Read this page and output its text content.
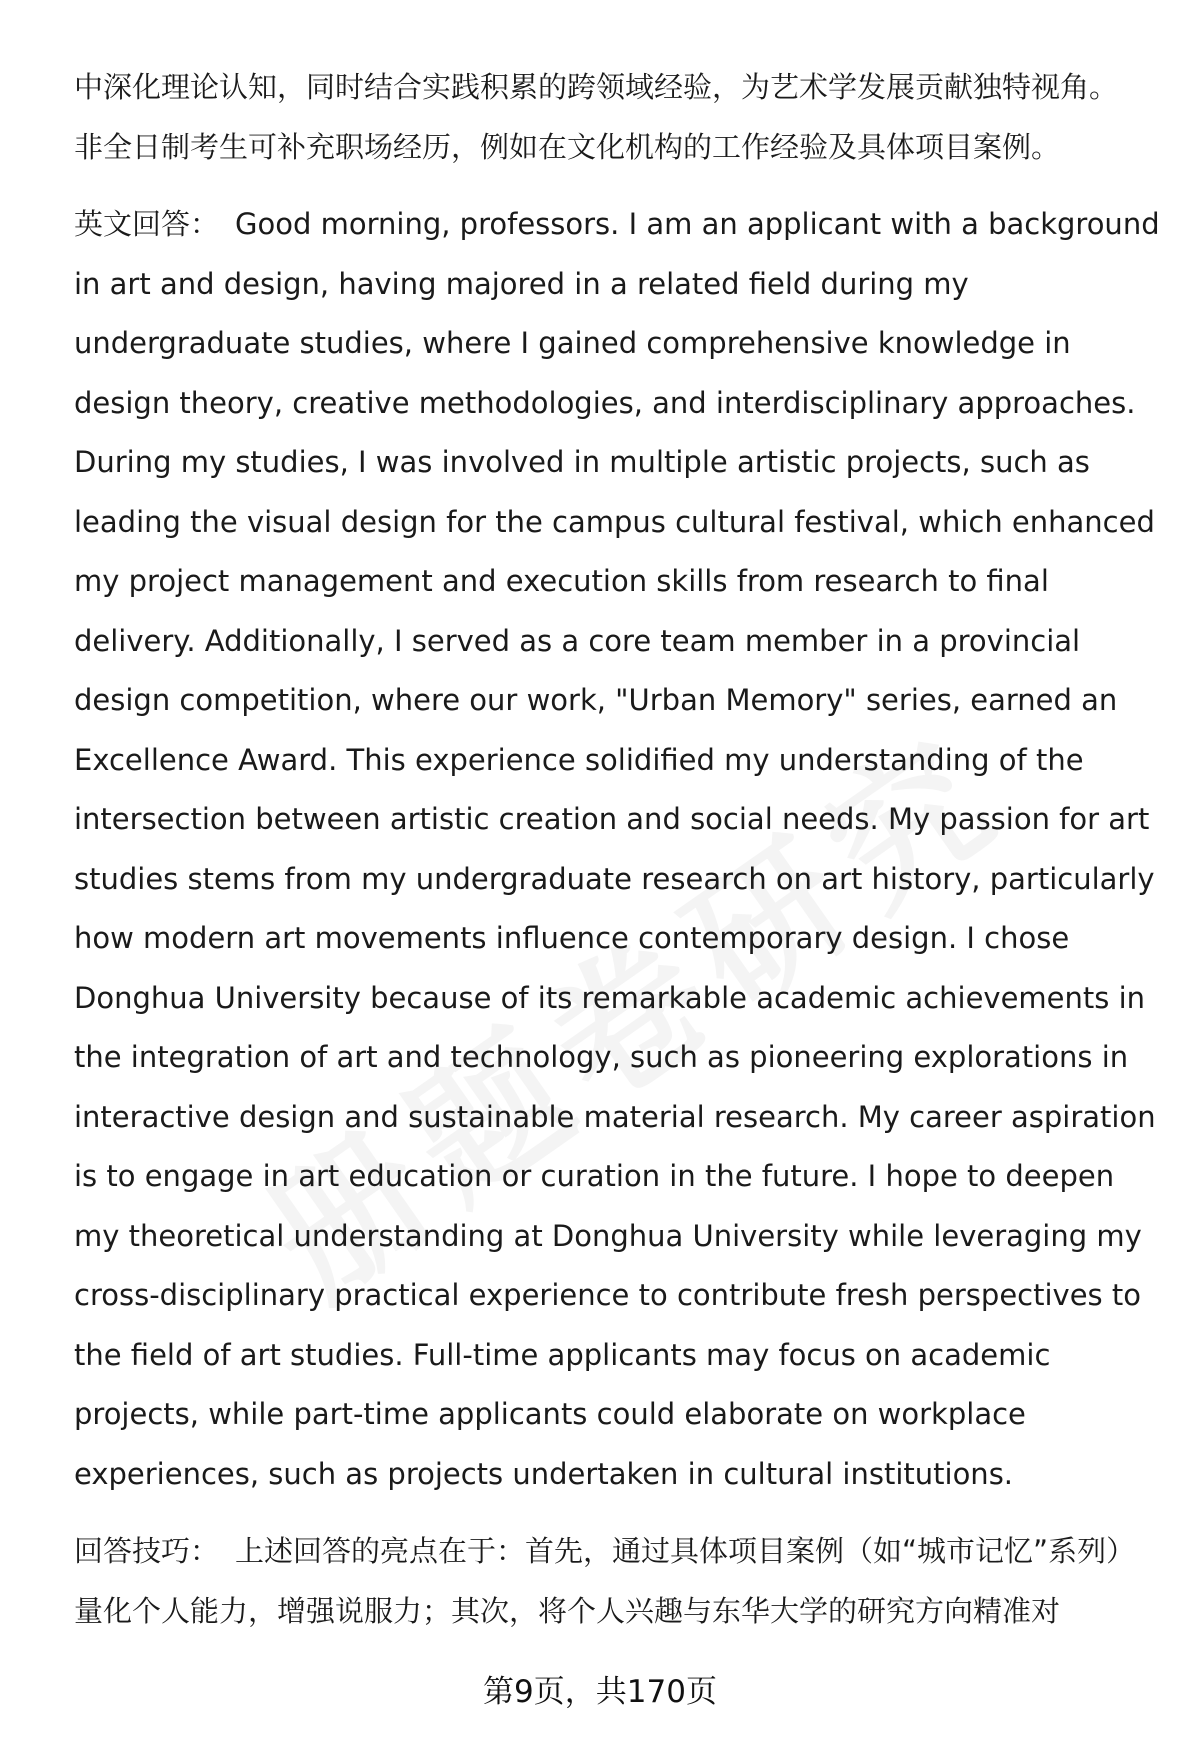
中深化理论认知，同时结合实践积累的跨领域经验，为艺术学发展贡献独特视角。
非全日制考生可补充职场经历，例如在文化机构的工作经验及具体项目案例。

英文回答： Good morning, professors. I am an applicant with a background in art and design, having majored in a related field during my undergraduate studies, where I gained comprehensive knowledge in design theory, creative methodologies, and interdisciplinary approaches. During my studies, I was involved in multiple artistic projects, such as leading the visual design for the campus cultural festival, which enhanced my project management and execution skills from research to final delivery. Additionally, I served as a core team member in a provincial design competition, where our work, "Urban Memory" series, earned an Excellence Award. This experience solidified my understanding of the intersection between artistic creation and social needs. My passion for art studies stems from my undergraduate research on art history, particularly how modern art movements influence contemporary design. I chose Donghua University because of its remarkable academic achievements in the integration of art and technology, such as pioneering explorations in interactive design and sustainable material research. My career aspiration is to engage in art education or curation in the future. I hope to deepen my theoretical understanding at Donghua University while leveraging my cross-disciplinary practical experience to contribute fresh perspectives to the field of art studies. Full-time applicants may focus on academic projects, while part-time applicants could elaborate on workplace experiences, such as projects undertaken in cultural institutions.

回答技巧： 上述回答的亮点在于：首先，通过具体项目案例（如“城市记忆”系列）量化个人能力，增强说服力；其次，将个人兴趣与东华大学的研究方向精准对

第9页，共170页
